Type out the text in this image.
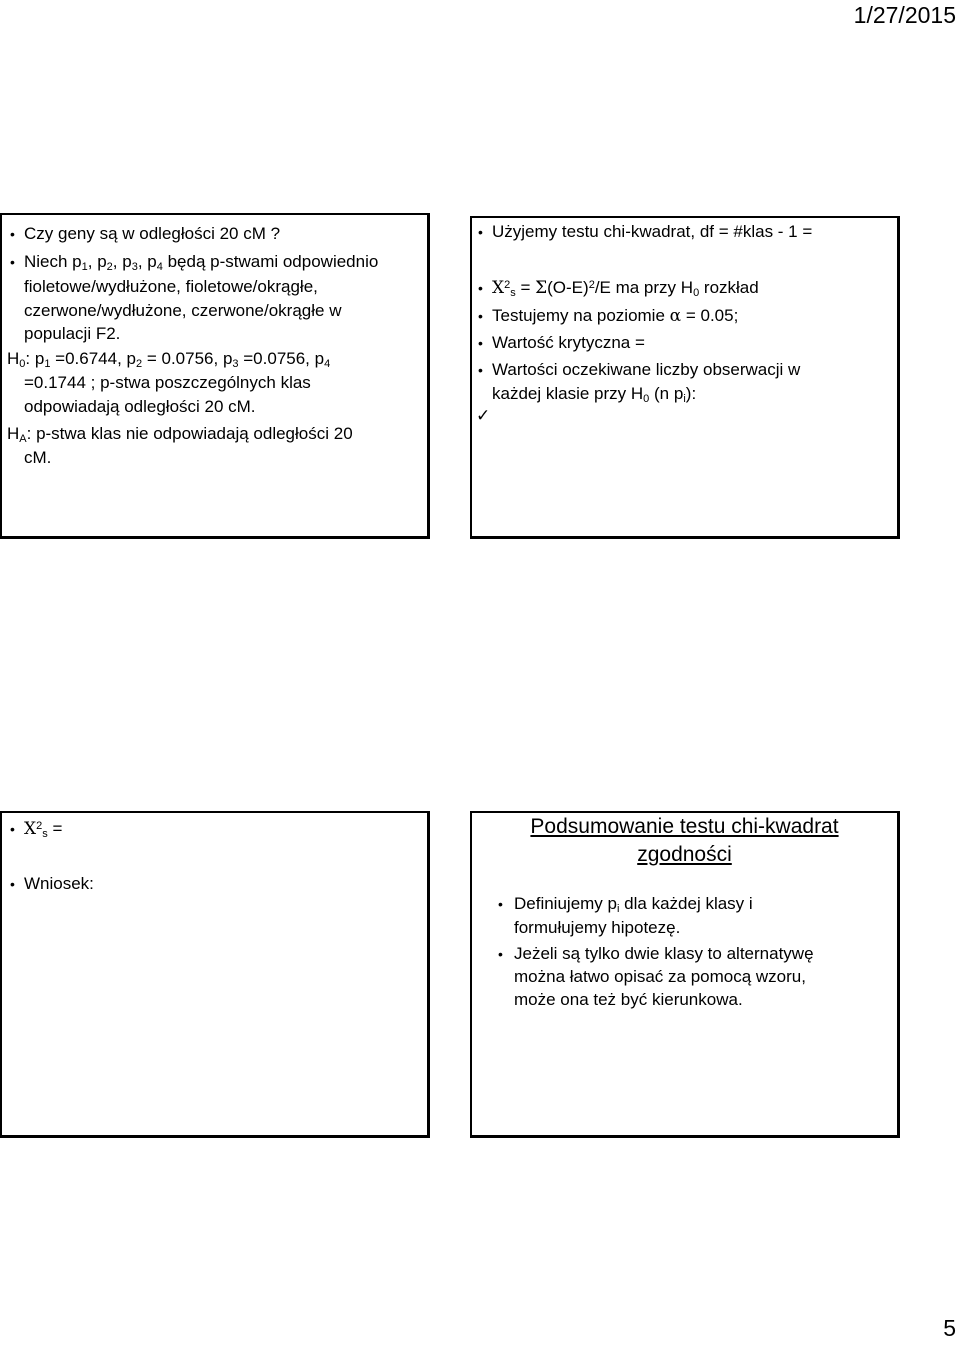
1/27/2015
• Czy geny są w odległości 20 cM ?
• Niech $p_1$, $p_2$, $p_3$, $p_4$ będą p-stwami odpowiednio
fioletowe/wydłużone, fioletowe/okrągłe,
czerwone/wydłużone, czerwone/okrągłe w
populacji F2.
$H_0$: $p_1 =0.6744$, $p_2 = 0.0756$, $p_3 =0.0756$, $p_4$
=0.1744 ; p-stwa poszczególnych klas
odpowiadają odległości 20 cM.
$H_A$: p-stwa klas nie odpowiadają odległości 20
cM.
• Użyjemy testu chi-kwadrat, df = #klas - 1 =
• $X^2_s = \Sigma(O-E)^2/E$ ma przy $H_0$ rozkład
• Testujemy na poziomie α = 0.05;
• Wartość krytyczna =
• Wartości oczekiwane liczby obserwacji w
każdej klasie przy $H_0$ (n $p_i$):
✓
• $X^2_s$ =
• Wniosek:
Podsumowanie testu chi-kwadrat
zgodności
• Definiujemy $p_i$ dla każdej klasy i
formułujemy hipotezę.
• Jeżeli są tylko dwie klasy to alternatywę
można łatwo opisać za pomocą wzoru,
może ona też być kierunkowa.
5
